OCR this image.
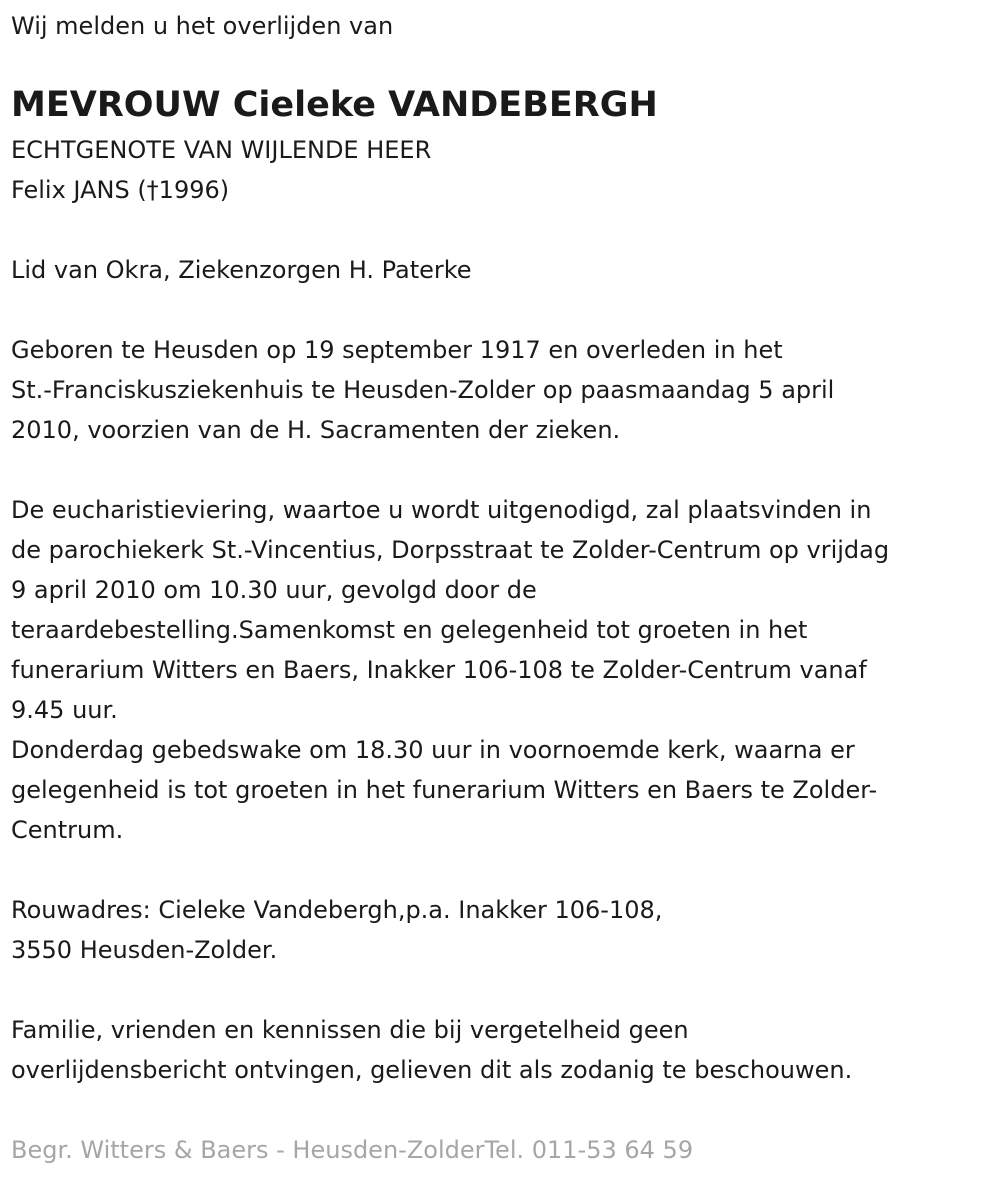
Wij melden u het overlijden van

MEVROUW Cieleke VANDEBERGH

ECHTGENOTE VAN WIJLENDE HEER

Felix JANS (†1996)

Lid van Okra, Ziekenzorgen H. Paterke

Geboren te Heusden op 19 september 1917 en overleden in het

St.-Franciskusziekenhuis te Heusden-Zolder op paasmaandag 5 april

2010, voorzien van de H. Sacramenten der zieken.

De eucharistieviering, waartoe u wordt uitgenodigd, zal plaatsvinden in

de parochiekerk St.-Vincentius, Dorpsstraat te Zolder-Centrum op vrijdag

9 april 2010 om 10.30 uur, gevolgd door de

teraardebestelling.Samenkomst en gelegenheid tot groeten in het

funerarium Witters en Baers, Inakker 106-108 te Zolder-Centrum vanaf

9.45 uur.

Donderdag gebedswake om 18.30 uur in voornoemde kerk, waarna er

gelegenheid is tot groeten in het funerarium Witters en Baers te Zolder-

Centrum.

Rouwadres: Cieleke Vandebergh,p.a. Inakker 106-108,

3550 Heusden-Zolder.

Familie, vrienden en kennissen die bij vergetelheid geen

overlijdensbericht ontvingen, gelieven dit als zodanig te beschouwen.

Begr. Witters & Baers - Heusden-ZolderTel. 011-53 64 59
